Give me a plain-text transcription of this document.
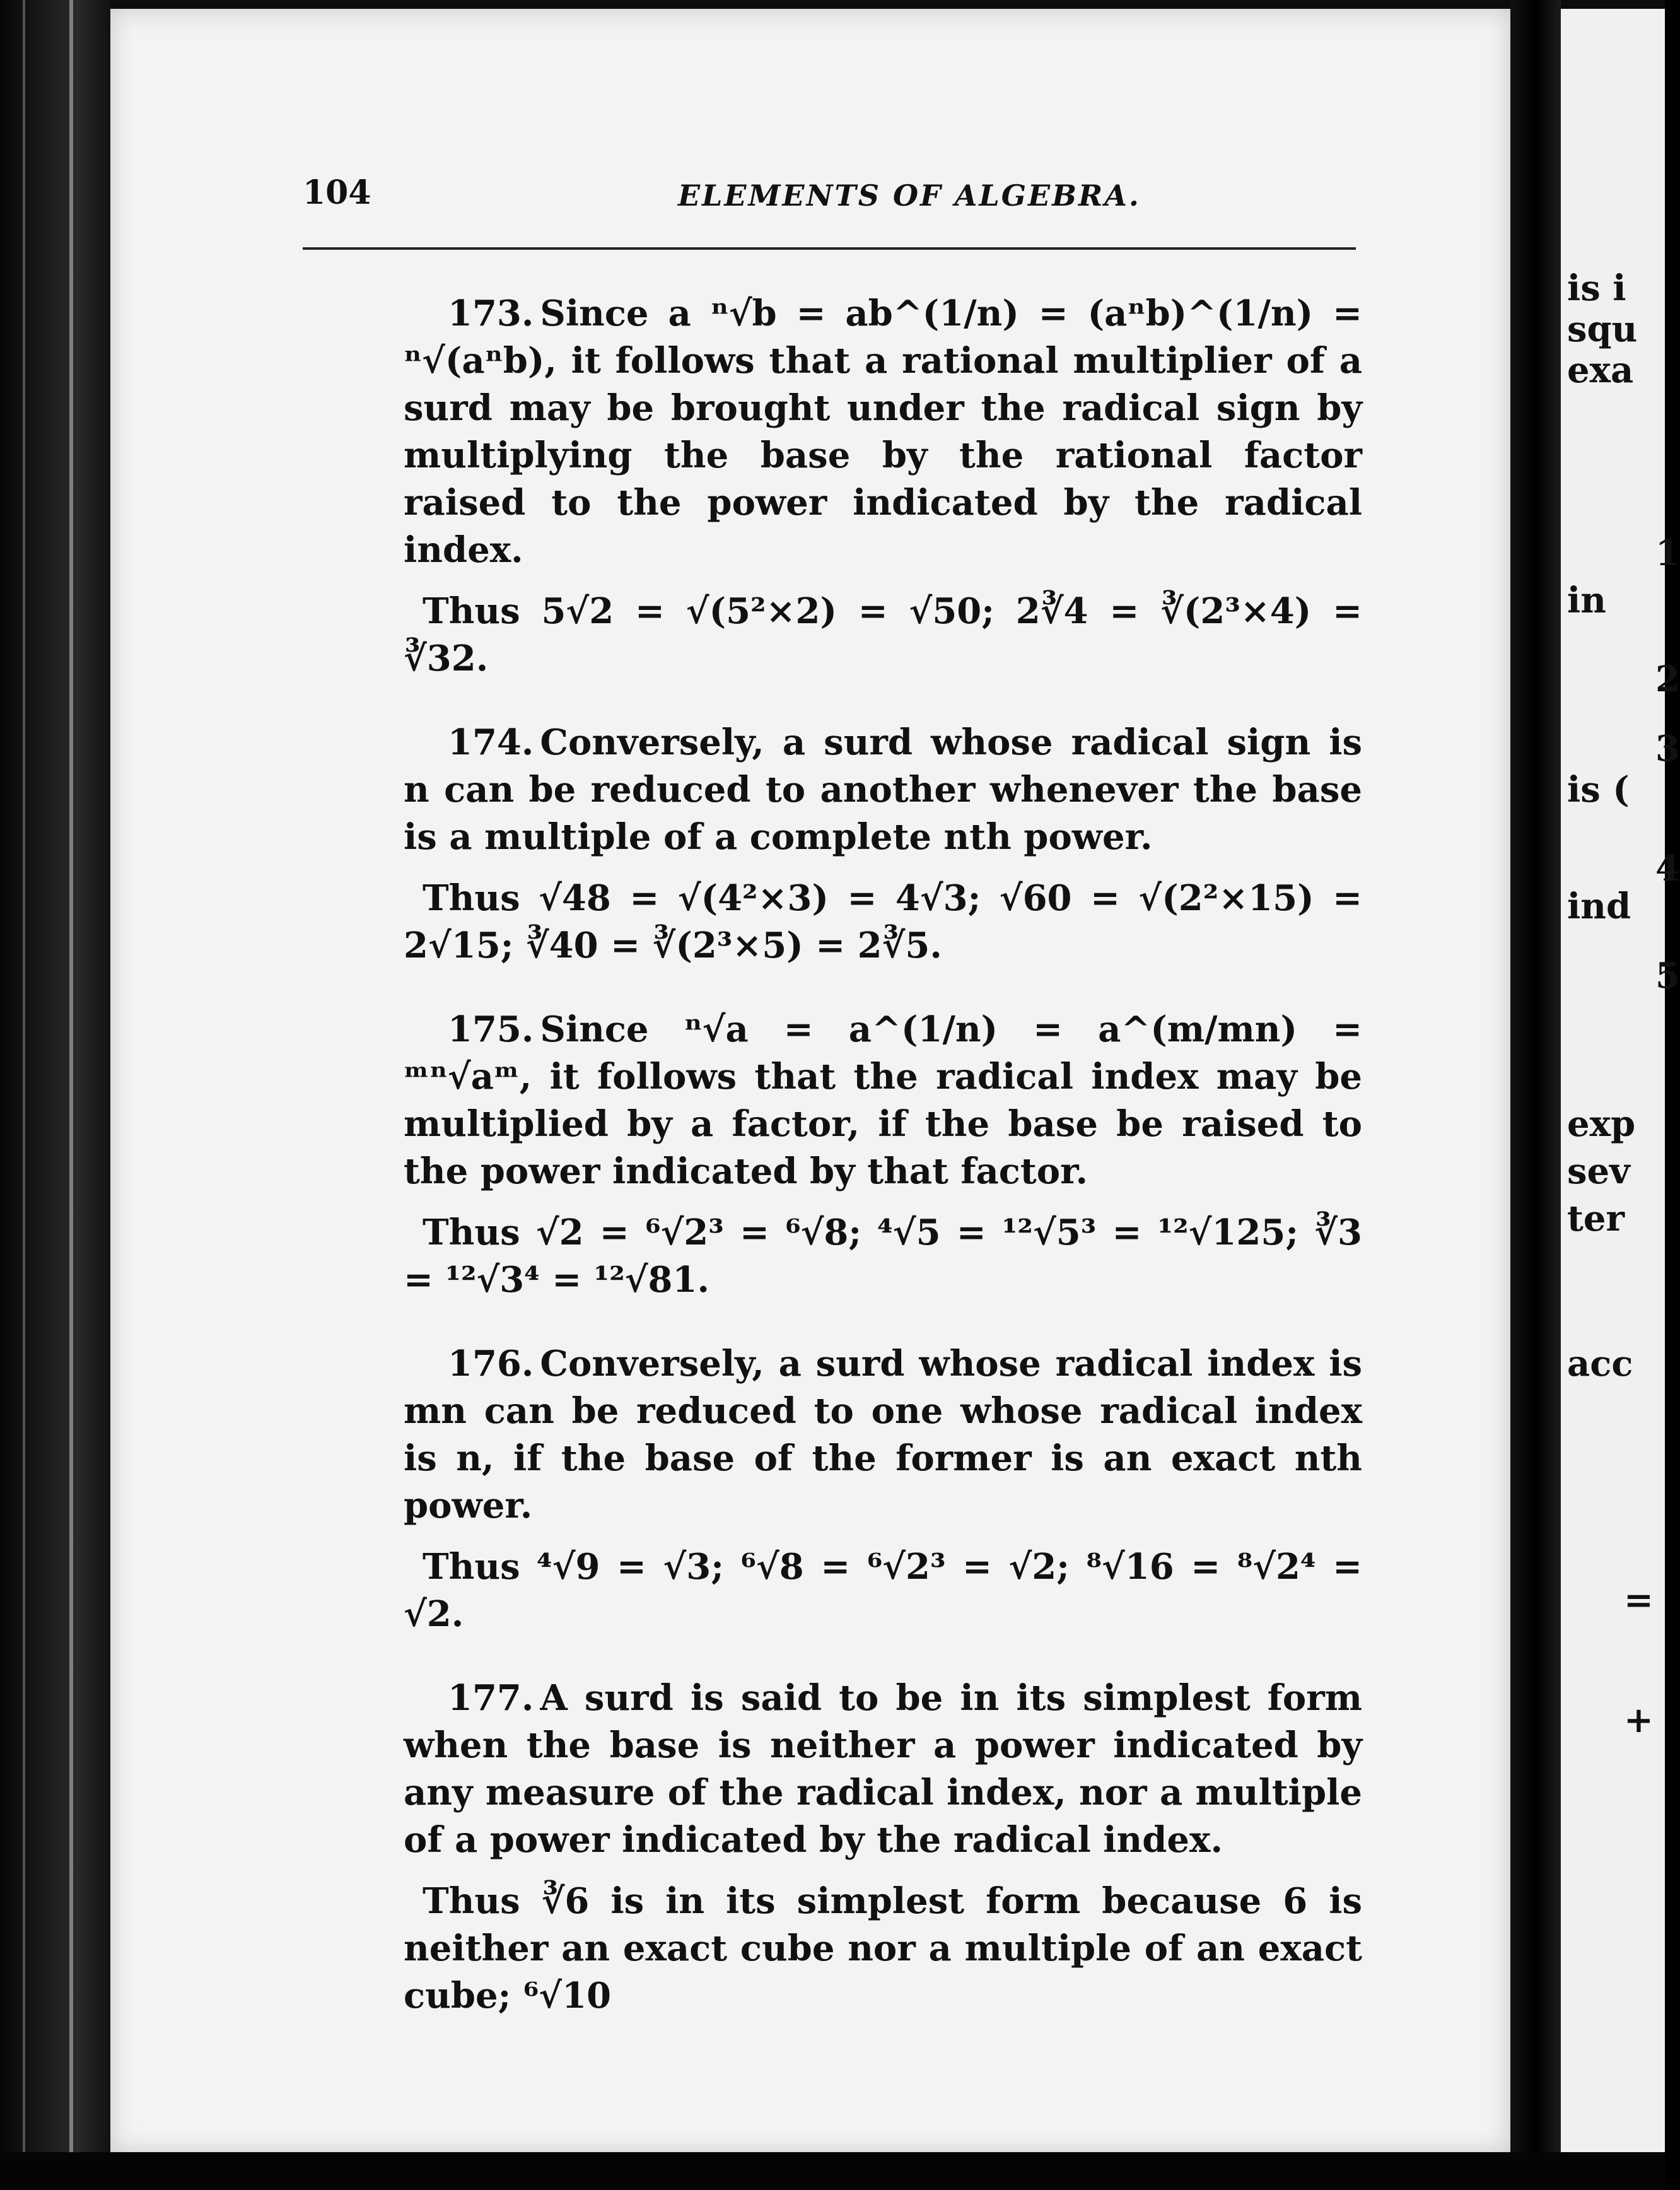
104	ELEMENTS OF ALGEBRA.

173. Since a ⁿ√b = ab^(1/n) = (aⁿb)^(1/n) = ⁿ√(aⁿb), it follows that a rational multiplier of a surd may be brought under the radical sign by multiplying the base by the rational factor raised to the power indicated by the radical index.

Thus 5√2 = √(5²×2) = √50; 2∛4 = ∛(2³×4) = ∛32.

174. Conversely, a surd whose radical sign is n can be reduced to another whenever the base is a multiple of a complete nth power.

Thus √48 = √(4²×3) = 4√3; √60 = √(2²×15) = 2√15; ∛40 = ∛(2³×5) = 2∛5.

175. Since ⁿ√a = a^(1/n) = a^(m/mn) = ᵐⁿ√aᵐ, it follows that the radical index may be multiplied by a factor, if the base be raised to the power indicated by that factor.

Thus √2 = ⁶√2³ = ⁶√8; ⁴√5 = ¹²√5³ = ¹²√125; ∛3 = ¹²√3⁴ = ¹²√81.

176. Conversely, a surd whose radical index is mn can be reduced to one whose radical index is n, if the base of the former is an exact nth power.

Thus ⁴√9 = √3; ⁶√8 = ⁶√2³ = √2; ⁸√16 = ⁸√2⁴ = √2.

177. A surd is said to be in its simplest form when the base is neither a power indicated by any measure of the radical index, nor a multiple of a power indicated by the radical index.

Thus ∛6 is in its simplest form because 6 is neither an exact cube nor a multiple of an exact cube; ⁶√10

is i
squ
exa
1
in
2
3
is (
4
ind
5
exp
sev
ter
acc
=
+
